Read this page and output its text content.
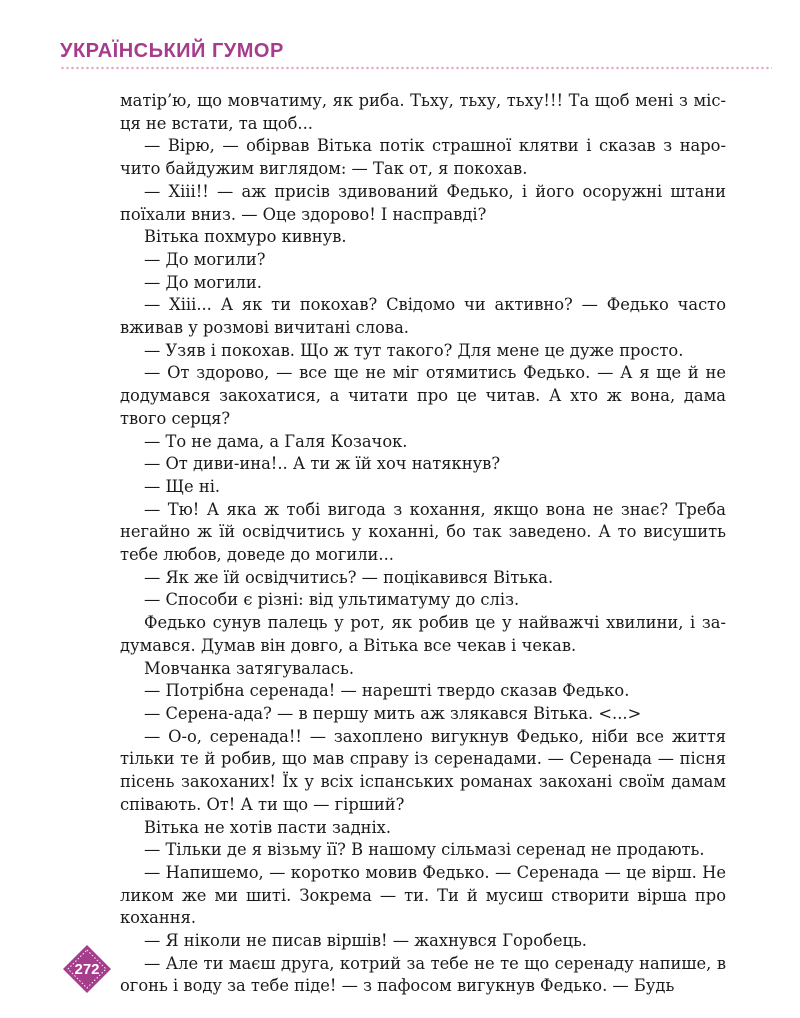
УКРАЇНСЬКИЙ ГУМОР

матір’ю, що мовчатиму, як риба. Тьху, тьху, тьху!!! Та щоб мені з місця не встати, та щоб...

— Вірю, — обірвав Вітька потік страшної клятви і сказав з нарочито байдужим виглядом: — Так от, я покохав.

— Хііі!! — аж присів здивований Федько, і його осоружні штани поїхали вниз. — Оце здорово! І насправді?

Вітька похмуро кивнув.

— До могили?

— До могили.

— Хііі... А як ти покохав? Свідомо чи активно? — Федько часто вживав у розмові вичитані слова.

— Узяв і покохав. Що ж тут такого? Для мене це дуже просто.

— От здорово, — все ще не міг отямитись Федько. — А я ще й не додумався закохатися, а читати про це читав. А хто ж вона, дама твого серця?

— То не дама, а Галя Козачок.

— От диви-ина!.. А ти ж їй хоч натякнув?

— Ще ні.

— Тю! А яка ж тобі вигода з кохання, якщо вона не знає? Треба негайно ж їй освідчитись у коханні, бо так заведено. А то висушить тебе любов, доведе до могили...

— Як же їй освідчитись? — поцікавився Вітька.

— Способи є різні: від ультиматуму до сліз.

Федько сунув палець у рот, як робив це у найважчі хвилини, і задумався. Думав він довго, а Вітька все чекав і чекав.

Мовчанка затягувалась.

— Потрібна серенада! — нарешті твердо сказав Федько.

— Серена-ада? — в першу мить аж злякався Вітька. <...>

— О-о, серенада!! — захоплено вигукнув Федько, ніби все життя тільки те й робив, що мав справу із серенадами. — Серенада — пісня пісень закоханих! Їх у всіх іспанських романах закохані своїм дамам співають. От! А ти що — гірший?

Вітька не хотів пасти задніх.

— Тільки де я візьму її? В нашому сільмазі серенад не продають.

— Напишемо, — коротко мовив Федько. — Серенада — це вірш. Не ликом же ми шиті. Зокрема — ти. Ти й мусиш створити вірша про кохання.

— Я ніколи не писав віршів! — жахнувся Горобець.

— Але ти маєш друга, котрий за тебе не те що серенаду напише, в огонь і воду за тебе піде! — з пафосом вигукнув Федько. — Будь

272
